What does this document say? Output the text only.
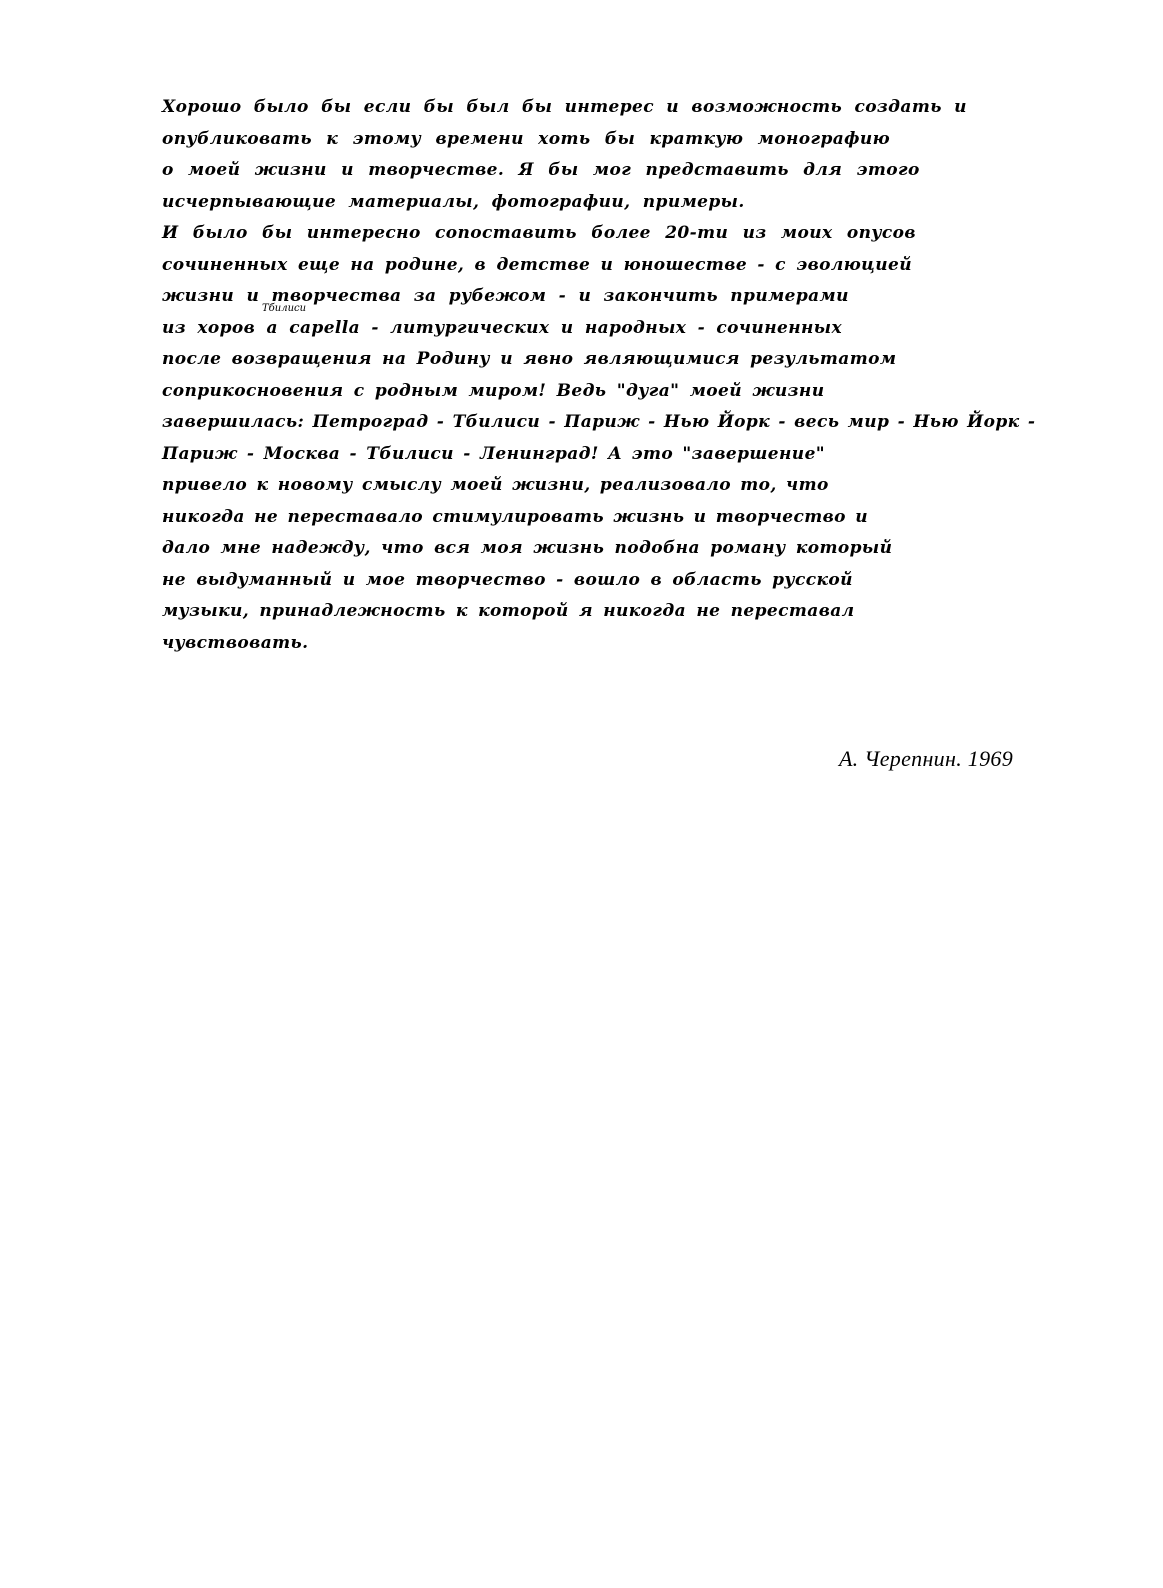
Хорошо было бы если бы был бы интерес и возможность создать и
опубликовать к этому времени хоть бы краткую монографию
о моей жизни и творчестве. Я бы мог представить для этого
исчерпывающие материалы, фотографии, примеры.
И было бы интересно сопоставить более 20-ти из моих опусов
сочиненных еще на родине, в детстве и юношестве - с эволюцией
жизни и творчества за рубежом - и закончить примерами
из хоров a capella - литургических и народных - сочиненных
после возвращения на Родину и явно являющимися результатом
соприкосновения с родным миром! Ведь "дуга" моей жизни
завершилась: Петроград - Тбилиси - Париж - Нью Йорк - весь мир - Нью Йорк -
Париж - Москва - Тбилиси - Ленинград! А это "завершение"
привело к новому смыслу моей жизни, реализовало то, что
никогда не переставало стимулировать жизнь и творчество и
дало мне надежду, что вся моя жизнь подобна роману который
не выдуманный и мое творчество - вошло в область русской
музыки, принадлежность к которой я никогда не переставал
чувствовать.
Тбилиси
А. Черепнин. 1969
